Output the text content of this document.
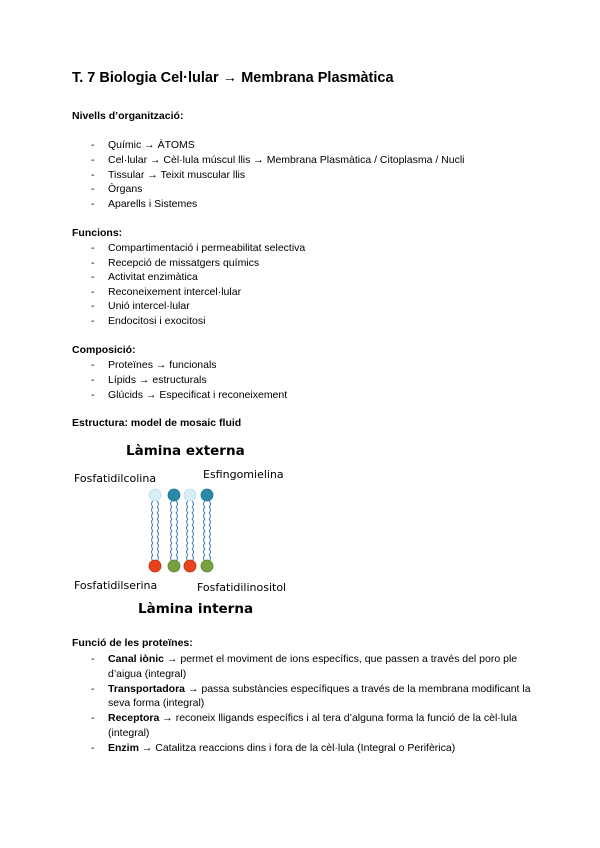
T. 7 Biologia Cel·lular → Membrana Plasmàtica
Nivells d’organització:
- Químic → ÀTOMS
- Cel·lular → Cèl·lula múscul llis → Membrana Plasmàtica / Citoplasma / Nucli
- Tissular → Teixit muscular llis
- Òrgans
- Aparells i Sistemes
Funcions:
- Compartimentació i permeabilitat selectiva
- Recepció de missatgers químics
- Activitat enzimàtica
- Reconeixement intercel·lular
- Unió intercel·lular
- Endocitosi i exocitosi
Composició:
- Proteïnes → funcionals
- Lípids → estructurals
- Glúcids → Especificat i reconeixement
Estructura: model de mosaic fluid
Làmina externa
Fosfatidilcolina	Esfingomielina
Fosfatidilserina	Fosfatidilinositol
Làmina interna
Funció de les proteïnes:
- Canal iònic → permet el moviment de ions específics, que passen a través del poro ple d’aigua (integral)
- Transportadora → passa substàncies específiques a través de la membrana modificant la seva forma (integral)
- Receptora → reconeix lligands específics i al tera d’alguna forma la funció de la cèl·lula (integral)
- Enzim → Catalitza reaccions dins i fora de la cèl·lula (Integral o Perifèrica)
